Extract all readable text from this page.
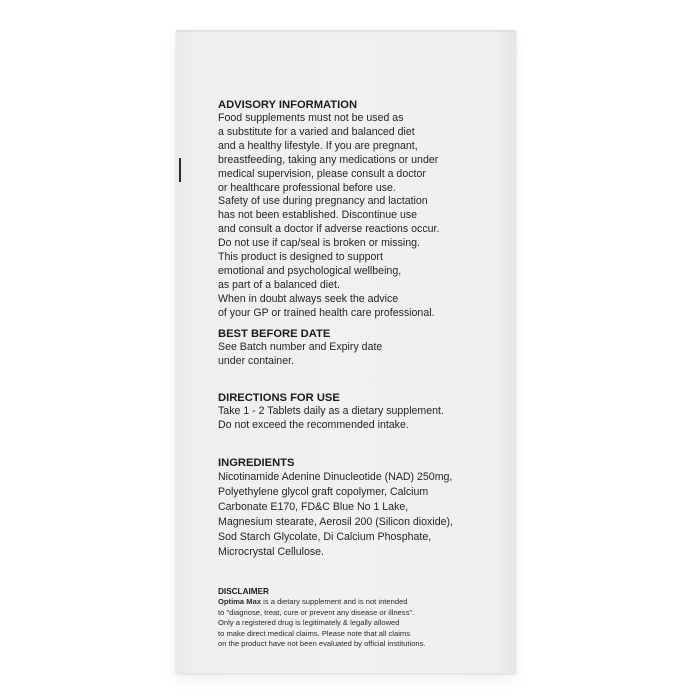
ADVISORY INFORMATION
Food supplements must not be used as
a substitute for a varied and balanced diet
and a healthy lifestyle. If you are pregnant,
breastfeeding, taking any medications or under
medical supervision, please consult a doctor
or healthcare professional before use.
Safety of use during pregnancy and lactation
has not been established. Discontinue use
and consult a doctor if adverse reactions occur.
Do not use if cap/seal is broken or missing.
This product is designed to support
emotional and psychological wellbeing,
as part of a balanced diet.
When in doubt always seek the advice
of your GP or trained health care professional.
BEST BEFORE DATE
See Batch number and Expiry date
under container.
DIRECTIONS FOR USE
Take 1 - 2 Tablets daily as a dietary supplement.
Do not exceed the recommended intake.
INGREDIENTS
Nicotinamide Adenine Dinucleotide (NAD) 250mg,
Polyethylene glycol graft copolymer, Calcium
Carbonate E170, FD&C Blue No 1 Lake,
Magnesium stearate, Aerosil 200 (Silicon dioxide),
Sod Starch Glycolate, Di Calcium Phosphate,
Microcrystal Cellulose.
DISCLAIMER
Optima Max is a dietary supplement and is not intended
to "diagnose, treat, cure or prevent any disease or illness".
Only a registered drug is legitimately & legally allowed
to make direct medical claims. Please note that all claims
on the product have not been evaluated by official institutions.
